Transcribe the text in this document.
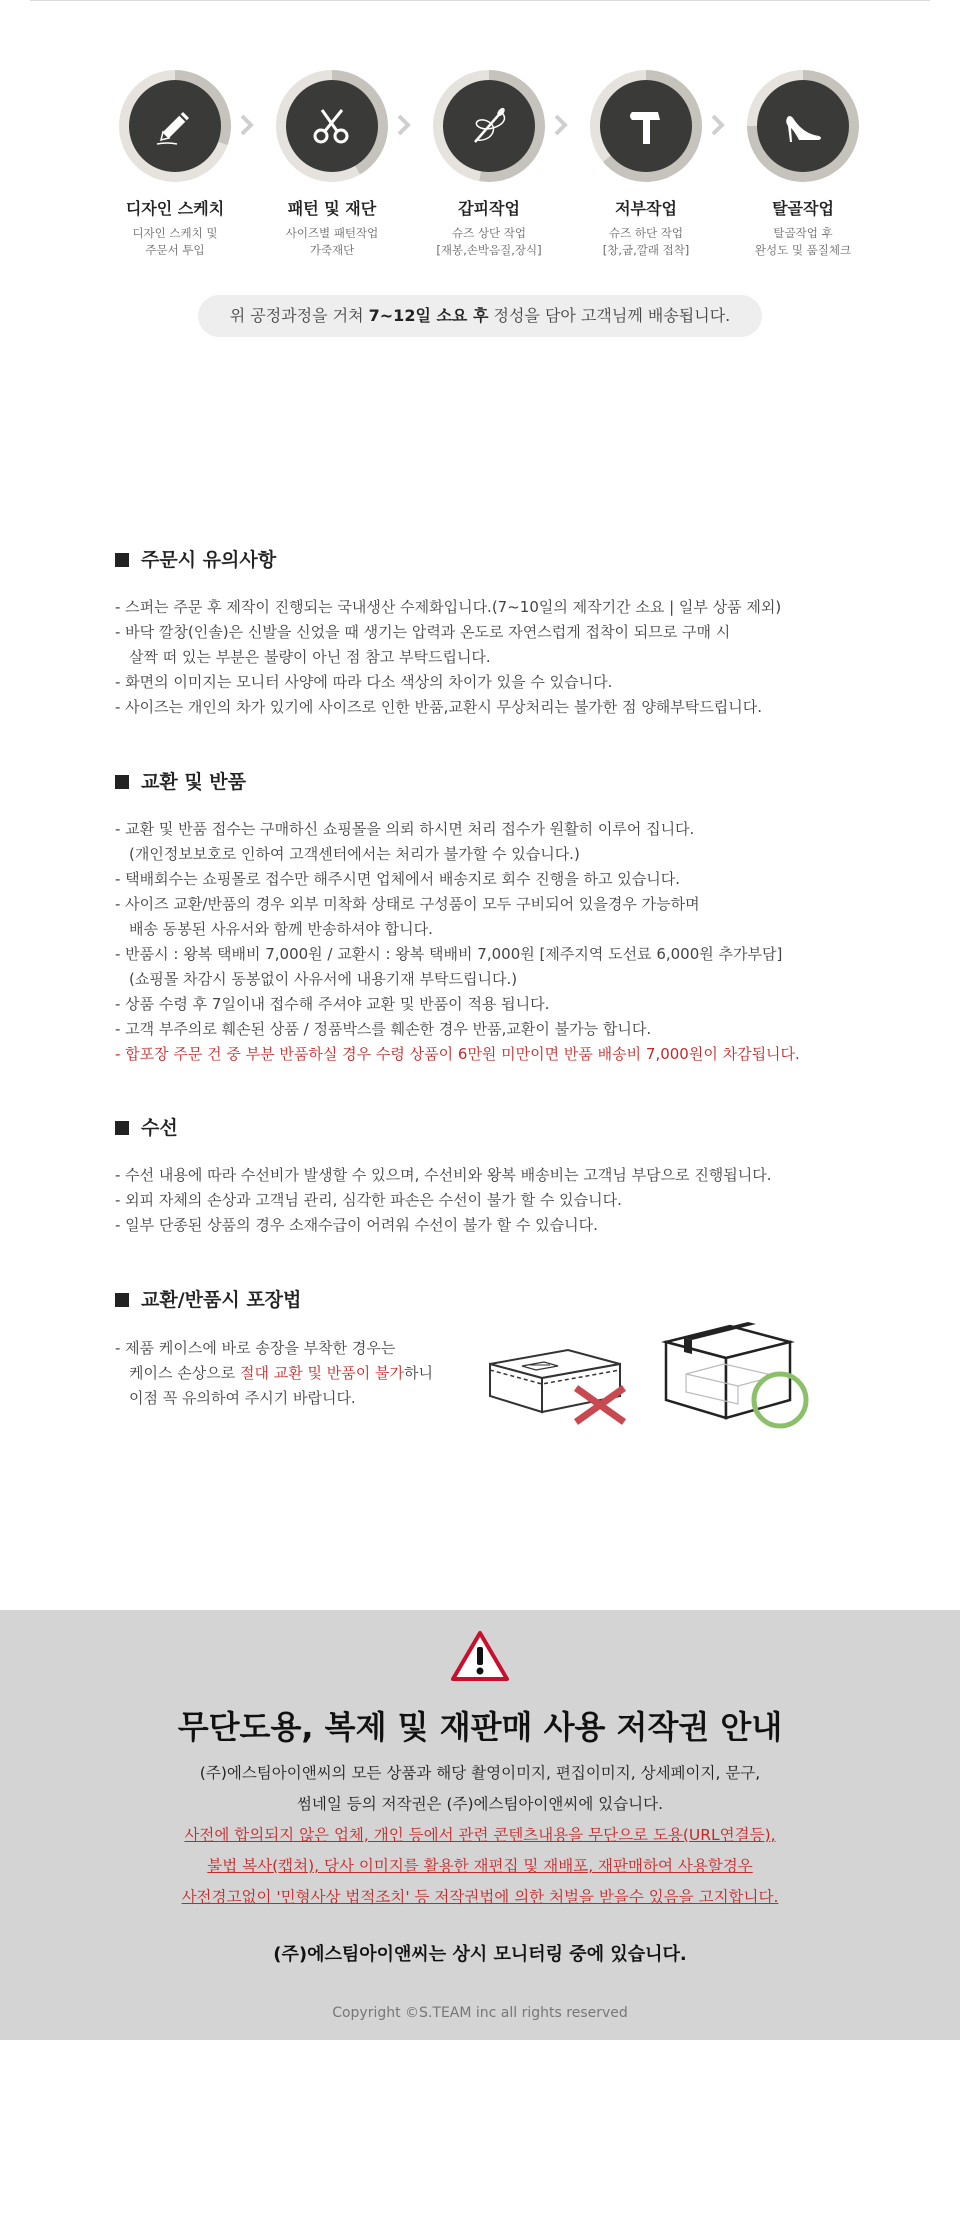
디자인 스케치
디자인 스케치 및
주문서 투입
패턴 및 재단
사이즈별 패턴작업
가죽재단
갑피작업
슈즈 상단 작업
[재봉,손박음질,장식]
저부작업
슈즈 하단 작업
[창,굽,깔래 접착]
탈골작업
탈골작업 후
완성도 및 품질체크
위 공정과정을 거쳐 7~12일 소요 후 정성을 담아 고객님께 배송됩니다.
주문시 유의사항
- 스퍼는 주문 후 제작이 진행되는 국내생산 수제화입니다.(7~10일의 제작기간 소요 | 일부 상품 제외)
- 바닥 깔창(인솔)은 신발을 신었을 때 생기는 압력과 온도로 자연스럽게 접착이 되므로 구매 시
살짝 떠 있는 부분은 불량이 아닌 점 참고 부탁드립니다.
- 화면의 이미지는 모니터 사양에 따라 다소 색상의 차이가 있을 수 있습니다.
- 사이즈는 개인의 차가 있기에 사이즈로 인한 반품,교환시 무상처리는 불가한 점 양해부탁드립니다.
교환 및 반품
- 교환 및 반품 접수는 구매하신 쇼핑몰을 의뢰 하시면 처리 접수가 원활히 이루어 집니다.
(개인정보보호로 인하여 고객센터에서는 처리가 불가할 수 있습니다.)
- 택배회수는 쇼핑몰로 접수만 해주시면 업체에서 배송지로 회수 진행을 하고 있습니다.
- 사이즈 교환/반품의 경우 외부 미착화 상태로 구성품이 모두 구비되어 있을경우 가능하며
배송 동봉된 사유서와 함께 반송하셔야 합니다.
- 반품시 : 왕복 택배비 7,000원 / 교환시 : 왕복 택배비 7,000원 [제주지역 도선료 6,000원 추가부담]
(쇼핑몰 차감시 동봉없이 사유서에 내용기재 부탁드립니다.)
- 상품 수령 후 7일이내 접수해 주셔야 교환 및 반품이 적용 됩니다.
- 고객 부주의로 훼손된 상품 / 정품박스를 훼손한 경우 반품,교환이 불가능 합니다.
- 합포장 주문 건 중 부분 반품하실 경우 수령 상품이 6만원 미만이면 반품 배송비 7,000원이 차감됩니다.
수선
- 수선 내용에 따라 수선비가 발생할 수 있으며, 수선비와 왕복 배송비는 고객님 부담으로 진행됩니다.
- 외피 자체의 손상과 고객님 관리, 심각한 파손은 수선이 불가 할 수 있습니다.
- 일부 단종된 상품의 경우 소재수급이 어려워 수선이 불가 할 수 있습니다.
교환/반품시 포장법
- 제품 케이스에 바로 송장을 부착한 경우는
케이스 손상으로 절대 교환 및 반품이 불가하니
이점 꼭 유의하여 주시기 바랍니다.
무단도용, 복제 및 재판매 사용 저작권 안내
(주)에스팀아이앤씨의 모든 상품과 해당 촬영이미지, 편집이미지, 상세페이지, 문구,
썸네일 등의 저작권은 (주)에스팀아이앤씨에 있습니다.
사전에 합의되지 않은 업체, 개인 등에서 관련 콘텐츠내용을 무단으로 도용(URL연결등),
불법 복사(캡쳐), 당사 이미지를 활용한 재편집 및 재배포, 재판매하여 사용할경우
사전경고없이 '민형사상 법적조치' 등 저작권법에 의한 처벌을 받을수 있음을 고지합니다.
(주)에스팀아이앤씨는 상시 모니터링 중에 있습니다.
Copyright ©S.TEAM inc all rights reserved
